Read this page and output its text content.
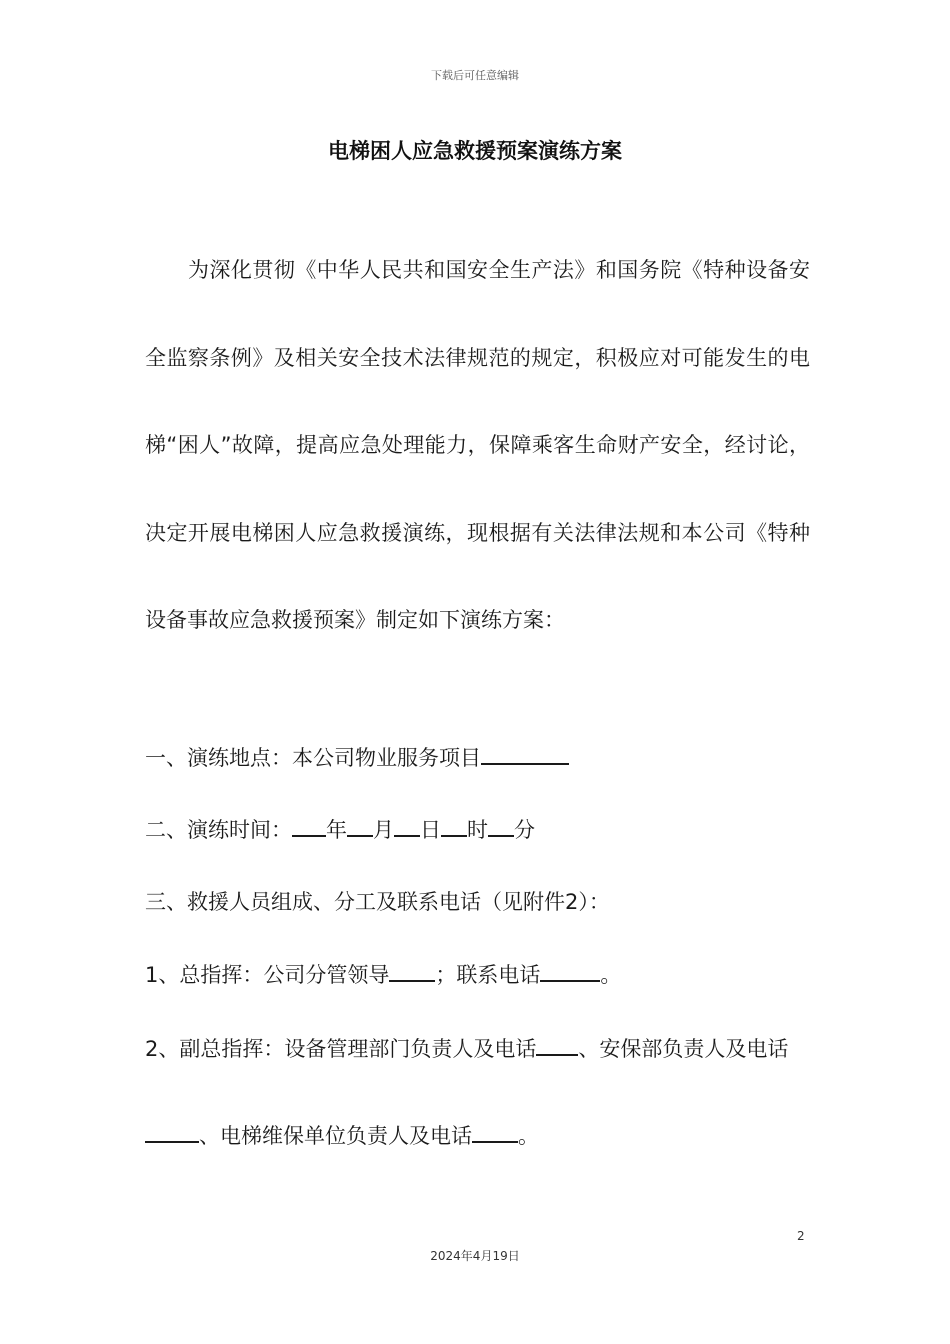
下载后可任意编辑
电梯困人应急救援预案演练方案
为深化贯彻《中华人民共和国安全生产法》和国务院《特种设备安全监察条例》及相关安全技术法律规范的规定，积极应对可能发生的电梯“困人”故障，提高应急处理能力，保障乘客生命财产安全，经讨论，决定开展电梯困人应急救援演练，现根据有关法律法规和本公司《特种设备事故应急救援预案》制定如下演练方案：
一、演练地点：本公司物业服务项目
二、演练时间： 年 月 日 时 分
三、救援人员组成、分工及联系电话（见附件2）：
1、总指挥：公司分管领导 ；联系电话	。
2、副总指挥：设备管理部门负责人及电话 、安保部负责人及电话、电梯维保单位负责人及电话 。
2
2024年4月19日
